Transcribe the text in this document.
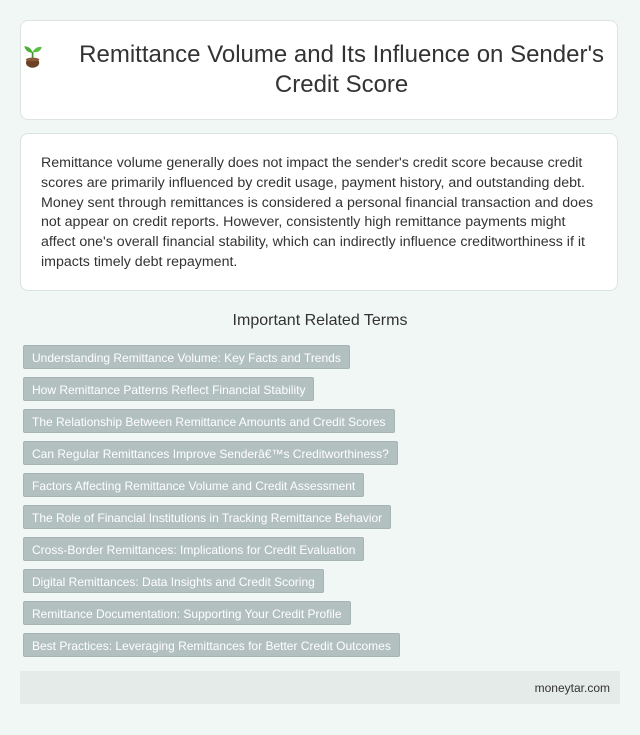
Remittance Volume and Its Influence on Sender's Credit Score

Remittance volume generally does not impact the sender's credit score because credit scores are primarily influenced by credit usage, payment history, and outstanding debt. Money sent through remittances is considered a personal financial transaction and does not appear on credit reports. However, consistently high remittance payments might affect one's overall financial stability, which can indirectly influence creditworthiness if it impacts timely debt repayment.

Important Related Terms
Understanding Remittance Volume: Key Facts and Trends
How Remittance Patterns Reflect Financial Stability
The Relationship Between Remittance Amounts and Credit Scores
Can Regular Remittances Improve Senderâ€™s Creditworthiness?
Factors Affecting Remittance Volume and Credit Assessment
The Role of Financial Institutions in Tracking Remittance Behavior
Cross-Border Remittances: Implications for Credit Evaluation
Digital Remittances: Data Insights and Credit Scoring
Remittance Documentation: Supporting Your Credit Profile
Best Practices: Leveraging Remittances for Better Credit Outcomes
moneytar.com
